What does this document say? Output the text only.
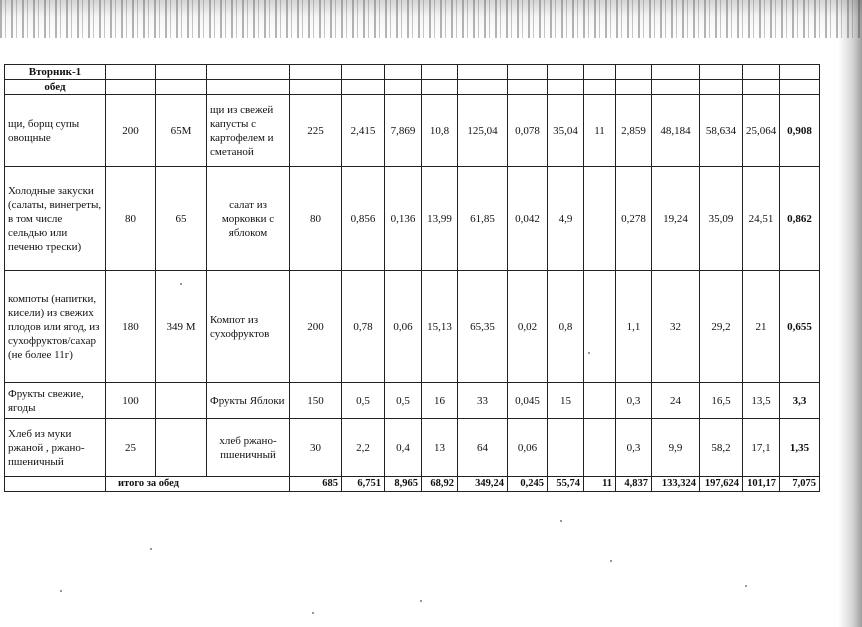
Вторник-1																
обед																
щи, борщ супы овощные	200	65М	щи из свежей капусты с картофелем и сметаной	225	2,415	7,869	10,8	125,04	0,078	35,04	11	2,859	48,184	58,634	25,064	0,908
Холодные закуски (салаты, винегреты, в том числе сельдью или печеню трески)	80	65	салат из морковки с яблоком	80	0,856	0,136	13,99	61,85	0,042	4,9		0,278	19,24	35,09	24,51	0,862
компоты (напитки, кисели) из свежих плодов или ягод, из сухофруктов/сахар (не более 11г)	180	349 М	Компот из сухофруктов	200	0,78	0,06	15,13	65,35	0,02	0,8		1,1	32	29,2	21	0,655
Фрукты свежие, ягоды	100		Фрукты Яблоки	150	0,5	0,5	16	33	0,045	15		0,3	24	16,5	13,5	3,3
Хлеб из муки ржаной , ржано-пшеничный	25		хлеб ржано-пшеничный	30	2,2	0,4	13	64	0,06			0,3	9,9	58,2	17,1	1,35
	итого за обед			685	6,751	8,965	68,92	349,24	0,245	55,74	11	4,837	133,324	197,624	101,17	7,075
